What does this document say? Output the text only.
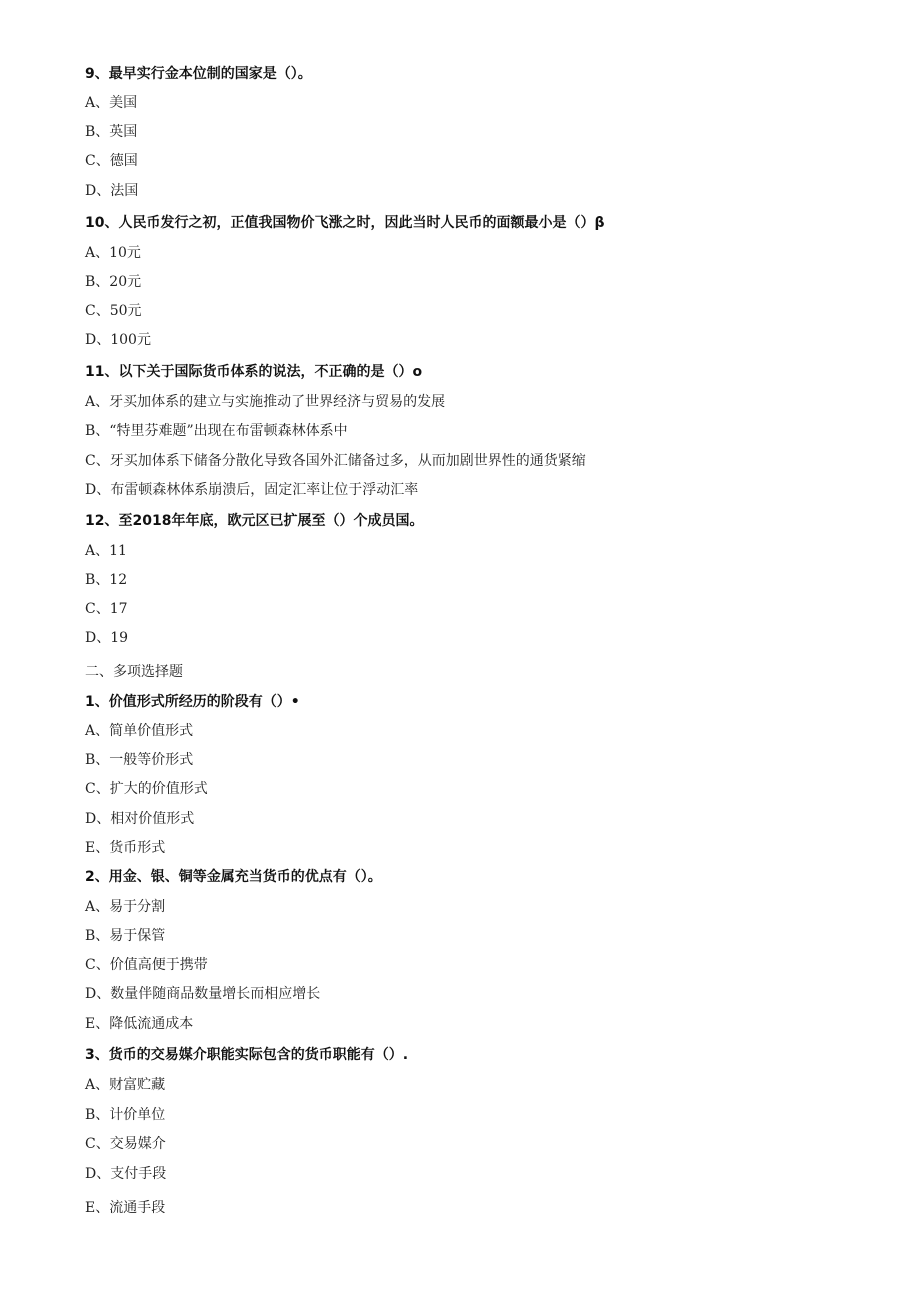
9、最早实行金本位制的国家是（）。
A、美国
B、英国
C、德国
D、法国
10、人民币发行之初，正值我国物价飞涨之时，因此当时人民币的面额最小是（）β
A、10元
B、20元
C、50元
D、100元
11、以下关于国际货币体系的说法，不正确的是（）o
A、牙买加体系的建立与实施推动了世界经济与贸易的发展
B、“特里芬难题”出现在布雷顿森林体系中
C、牙买加体系下储备分散化导致各国外汇储备过多，从而加剧世界性的通货紧缩
D、布雷顿森林体系崩溃后，固定汇率让位于浮动汇率
12、至2018年年底，欧元区已扩展至（）个成员国。
A、11
B、12
C、17
D、19
二、多项选择题
1、价值形式所经历的阶段有（）•
A、简单价值形式
B、一般等价形式
C、扩大的价值形式
D、相对价值形式
E、货币形式
2、用金、银、铜等金属充当货币的优点有（）。
A、易于分割
B、易于保管
C、价值高便于携带
D、数量伴随商品数量增长而相应增长
E、降低流通成本
3、货币的交易媒介职能实际包含的货币职能有（）.
A、财富贮藏
B、计价单位
C、交易媒介
D、支付手段
E、流通手段
